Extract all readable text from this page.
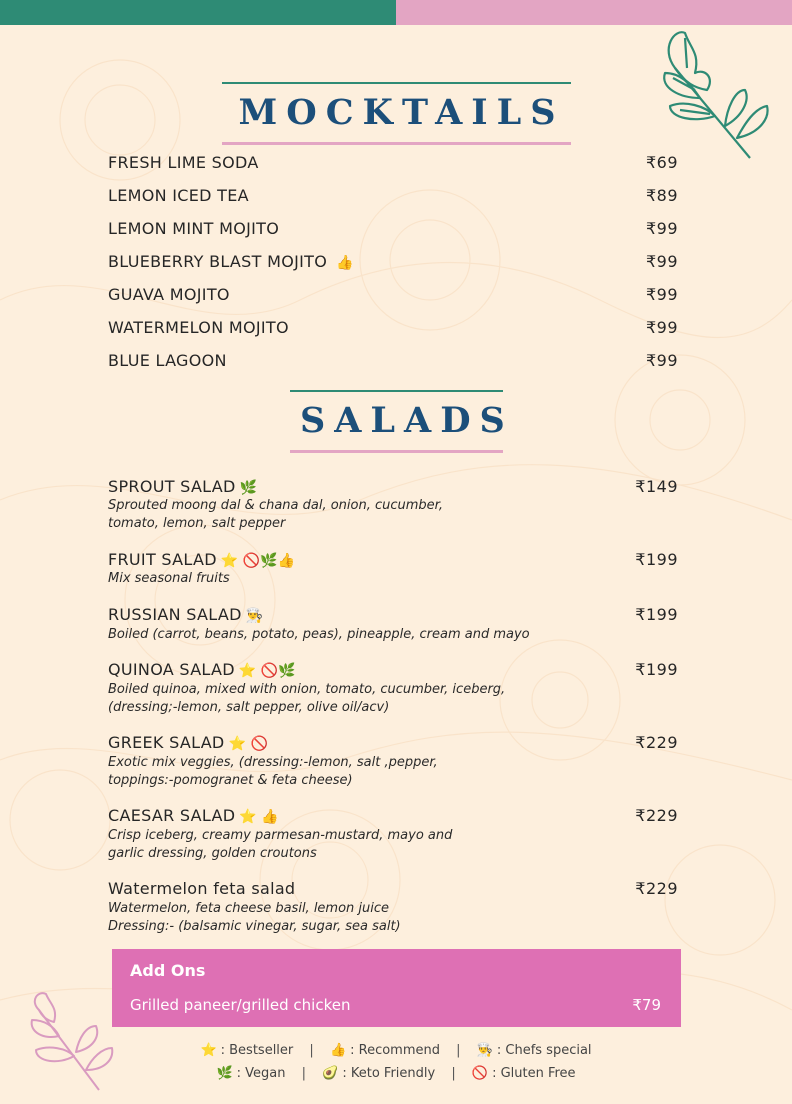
MOCKTAILS
FRESH LIME SODA	₹69
LEMON ICED TEA	₹89
LEMON MINT MOJITO	₹99
BLUEBERRY BLAST MOJITO 👍	₹99
GUAVA MOJITO	₹99
WATERMELON MOJITO	₹99
BLUE LAGOON	₹99
SALADS
SPROUT SALAD 🌿	₹149
Sprouted moong dal & chana dal, onion, cucumber,
tomato, lemon, salt pepper
FRUIT SALAD ⭐ 🚫🌿👍	₹199
Mix seasonal fruits
RUSSIAN SALAD 👨‍🍳	₹199
Boiled (carrot, beans, potato, peas), pineapple, cream and mayo
QUINOA SALAD ⭐ 🚫🌿	₹199
Boiled quinoa, mixed with onion, tomato, cucumber, iceberg,
(dressing;-lemon, salt pepper, olive oil/acv)
GREEK SALAD ⭐ 🚫	₹229
Exotic mix veggies, (dressing:-lemon, salt ,pepper,
toppings:-pomogranet & feta cheese)
CAESAR SALAD ⭐ 👍	₹229
Crisp iceberg, creamy parmesan-mustard, mayo and
garlic dressing, golden croutons
Watermelon feta salad	₹229
Watermelon, feta cheese basil, lemon juice
Dressing:- (balsamic vinegar, sugar, sea salt)
Add Ons
Grilled paneer/grilled chicken	₹79
⭐ : Bestseller | 👍 : Recommend | 👨‍🍳 : Chefs special
🌿 : Vegan | 🥑 : Keto Friendly | 🚫 : Gluten Free
